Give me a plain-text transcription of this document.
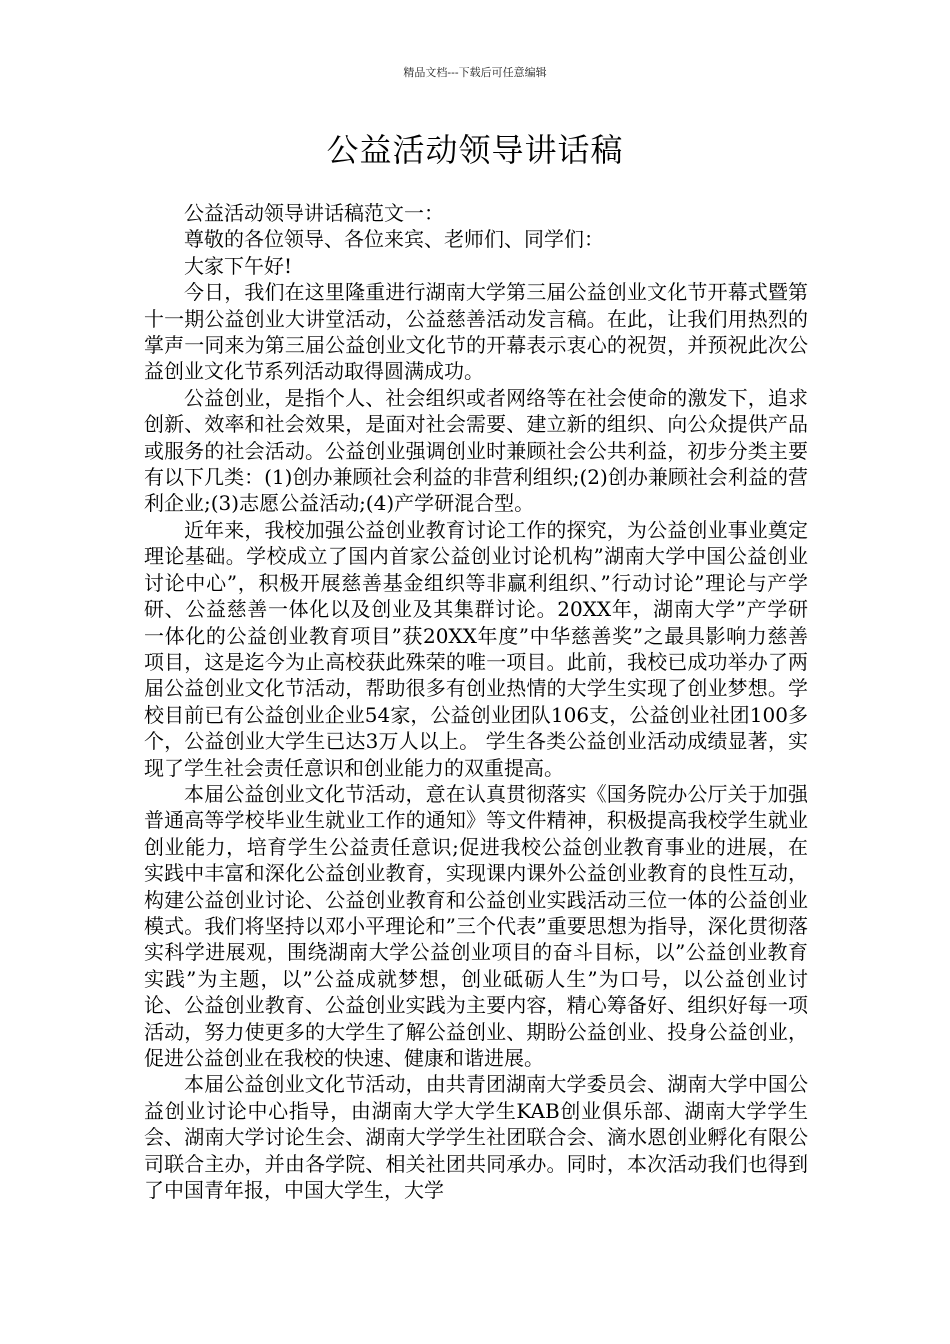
精品文档---下载后可任意编辑
公益活动领导讲话稿

公益活动领导讲话稿范文一：

尊敬的各位领导、各位来宾、老师们、同学们：

大家下午好!

今日，我们在这里隆重进行湖南大学第三届公益创业文化节开幕式暨第十一期公益创业大讲堂活动，公益慈善活动发言稿。在此，让我们用热烈的掌声一同来为第三届公益创业文化节的开幕表示衷心的祝贺，并预祝此次公益创业文化节系列活动取得圆满成功。

公益创业，是指个人、社会组织或者网络等在社会使命的激发下，追求创新、效率和社会效果，是面对社会需要、建立新的组织、向公众提供产品或服务的社会活动。公益创业强调创业时兼顾社会公共利益，初步分类主要有以下几类：(1)创办兼顾社会利益的非营利组织;(2)创办兼顾社会利益的营利企业;(3)志愿公益活动;(4)产学研混合型。

近年来，我校加强公益创业教育讨论工作的探究，为公益创业事业奠定理论基础。学校成立了国内首家公益创业讨论机构”湖南大学中国公益创业讨论中心”，积极开展慈善基金组织等非赢利组织、”行动讨论”理论与产学研、公益慈善一体化以及创业及其集群讨论。20XX年，湖南大学”产学研一体化的公益创业教育项目”获20XX年度”中华慈善奖”之最具影响力慈善项目，这是迄今为止高校获此殊荣的唯一项目。此前，我校已成功举办了两届公益创业文化节活动，帮助很多有创业热情的大学生实现了创业梦想。学校目前已有公益创业企业54家，公益创业团队106支，公益创业社团100多个，公益创业大学生已达3万人以上。 学生各类公益创业活动成绩显著，实现了学生社会责任意识和创业能力的双重提高。

本届公益创业文化节活动，意在认真贯彻落实《国务院办公厅关于加强普通高等学校毕业生就业工作的通知》等文件精神，积极提高我校学生就业创业能力，培育学生公益责任意识;促进我校公益创业教育事业的进展，在实践中丰富和深化公益创业教育，实现课内课外公益创业教育的良性互动，构建公益创业讨论、公益创业教育和公益创业实践活动三位一体的公益创业模式。我们将坚持以邓小平理论和”三个代表”重要思想为指导，深化贯彻落实科学进展观，围绕湖南大学公益创业项目的奋斗目标，以”公益创业教育实践”为主题，以”公益成就梦想，创业砥砺人生”为口号，以公益创业讨论、公益创业教育、公益创业实践为主要内容，精心筹备好、组织好每一项活动，努力使更多的大学生了解公益创业、期盼公益创业、投身公益创业，促进公益创业在我校的快速、健康和谐进展。

本届公益创业文化节活动，由共青团湖南大学委员会、湖南大学中国公益创业讨论中心指导，由湖南大学大学生KAB创业俱乐部、湖南大学学生会、湖南大学讨论生会、湖南大学学生社团联合会、滴水恩创业孵化有限公司联合主办，并由各学院、相关社团共同承办。同时，本次活动我们也得到了中国青年报，中国大学生，大学
